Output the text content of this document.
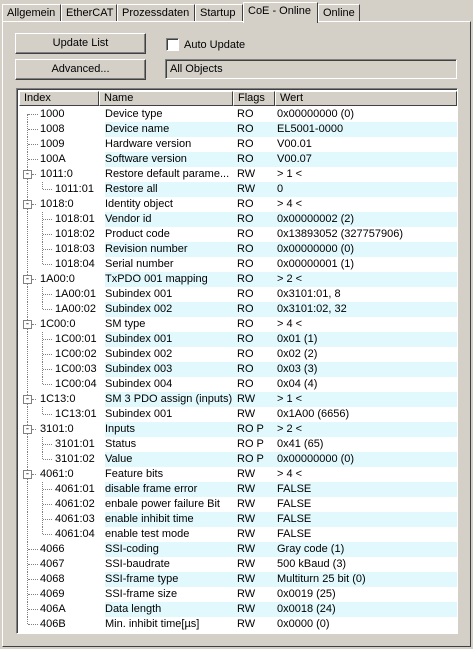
Allgemein EtherCAT Prozessdaten Startup	CoE - Online	Online
Update List
Advanced...
Auto Update
All Objects
Index	Name	Flags	Wert
1000	Device type	RO	0x00000000 (0)
1008	Device name	RO	EL5001-0000
1009	Hardware version	RO	V00.01
100A	Software version	RO	V00.07
- 1011:0	Restore default parame... RW	> 1 <
1011:01 Restore all	RW	0
- 1018:0	Identity object	RO	> 4 <
1018:01 Vendor id	RO	0x00000002 (2)
1018:02 Product code	RO	0x13893052 (327757906)
1018:03 Revision number	RO	0x00000000 (0)
1018:04 Serial number	RO	0x00000001 (1)
- 1A00:0	TxPDO 001 mapping	RO	> 2 <
1A00:01 Subindex 001	RO	0x3101:01, 8
1A00:02 Subindex 002	RO	0x3101:02, 32
- 1C00:0	SM type	RO	> 4 <
1C00:01 Subindex 001	RO	0x01 (1)
1C00:02 Subindex 002	RO	0x02 (2)
1C00:03 Subindex 003	RO	0x03 (3)
1C00:04 Subindex 004	RO	0x04 (4)
- 1C13:0	SM 3 PDO assign (inputs) RW	> 1 <
1C13:01 Subindex 001	RW	0x1A00 (6656)
- 3101:0	Inputs	RO P	> 2 <
3101:01 Status	RO P	0x41 (65)
3101:02 Value	RO P	0x00000000 (0)
- 4061:0	Feature bits	RW	> 4 <
4061:01 disable frame error	RW	FALSE
4061:02 enbale power failure Bit	RW	FALSE
4061:03 enable inhibit time	RW	FALSE
4061:04 enable test mode	RW	FALSE
4066	SSI-coding	RW	Gray code (1)
4067	SSI-baudrate	RW	500 kBaud (3)
4068	SSI-frame type	RW	Multiturn 25 bit (0)
4069	SSI-frame size	RW	0x0019 (25)
406A	Data length	RW	0x0018 (24)
406B	Min. inhibit time[µs]	RW	0x0000 (0)
